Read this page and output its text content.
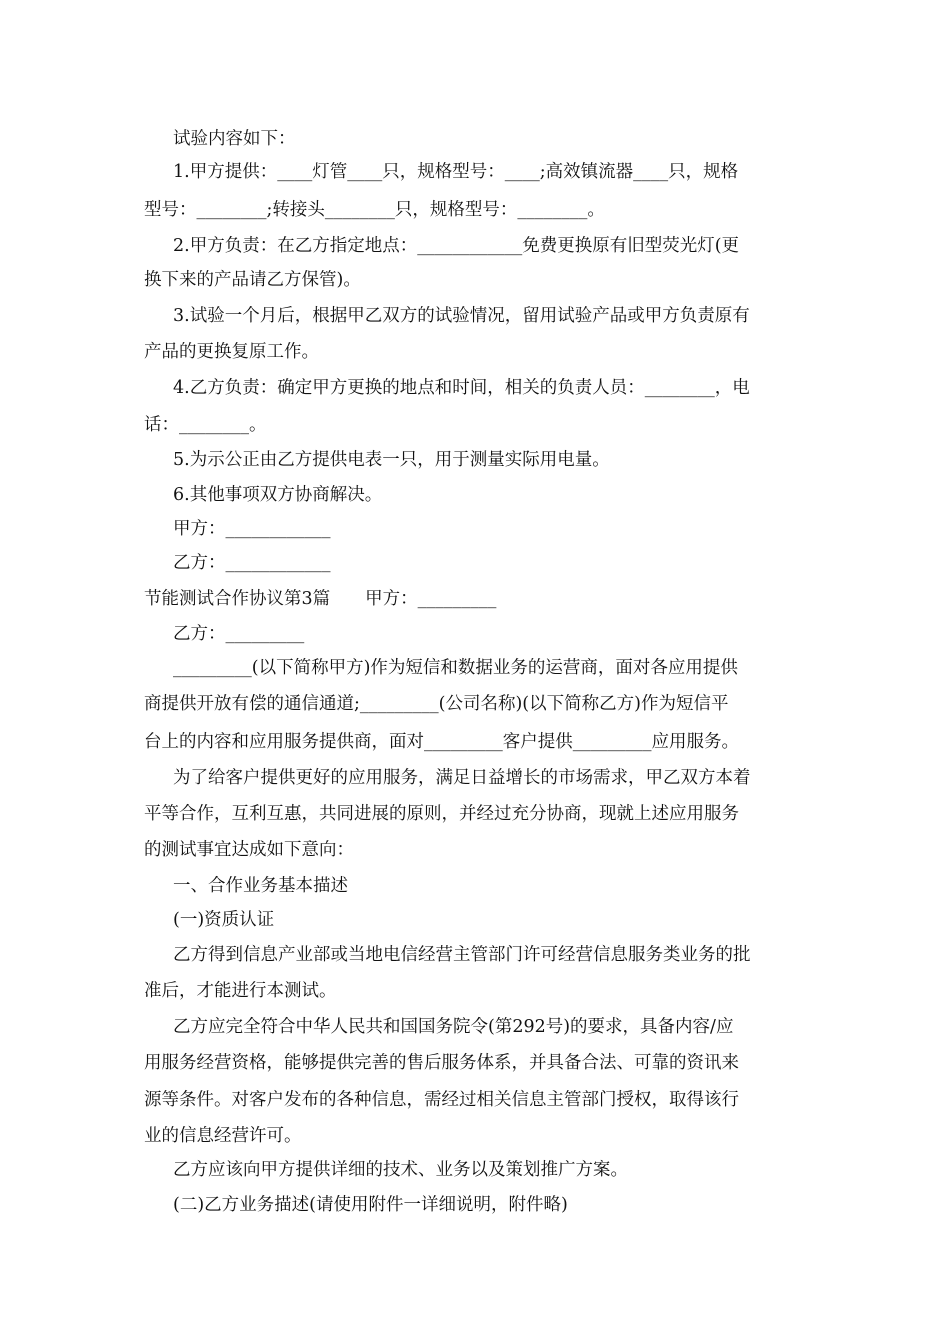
试验内容如下：
1.甲方提供：____灯管____只，规格型号：____;高效镇流器____只，规格
型号：________;转接头________只，规格型号：________。
2.甲方负责：在乙方指定地点：____________免费更换原有旧型荧光灯(更
换下来的产品请乙方保管)。
3.试验一个月后，根据甲乙双方的试验情况，留用试验产品或甲方负责原有
产品的更换复原工作。
4.乙方负责：确定甲方更换的地点和时间，相关的负责人员：________，电
话：________。
5.为示公正由乙方提供电表一只，用于测量实际用电量。
6.其他事项双方协商解决。
甲方：____________
乙方：____________
节能测试合作协议第3篇　　甲方：_________
乙方：_________
_________(以下简称甲方)作为短信和数据业务的运营商，面对各应用提供
商提供开放有偿的通信通道;_________(公司名称)(以下简称乙方)作为短信平
台上的内容和应用服务提供商，面对_________客户提供_________应用服务。
为了给客户提供更好的应用服务，满足日益增长的市场需求，甲乙双方本着
平等合作，互利互惠，共同进展的原则，并经过充分协商，现就上述应用服务
的测试事宜达成如下意向：
一、合作业务基本描述
(一)资质认证
乙方得到信息产业部或当地电信经营主管部门许可经营信息服务类业务的批
准后，才能进行本测试。
乙方应完全符合中华人民共和国国务院令(第292号)的要求，具备内容/应
用服务经营资格，能够提供完善的售后服务体系，并具备合法、可靠的资讯来
源等条件。对客户发布的各种信息，需经过相关信息主管部门授权，取得该行
业的信息经营许可。
乙方应该向甲方提供详细的技术、业务以及策划推广方案。
(二)乙方业务描述(请使用附件一详细说明，附件略)
